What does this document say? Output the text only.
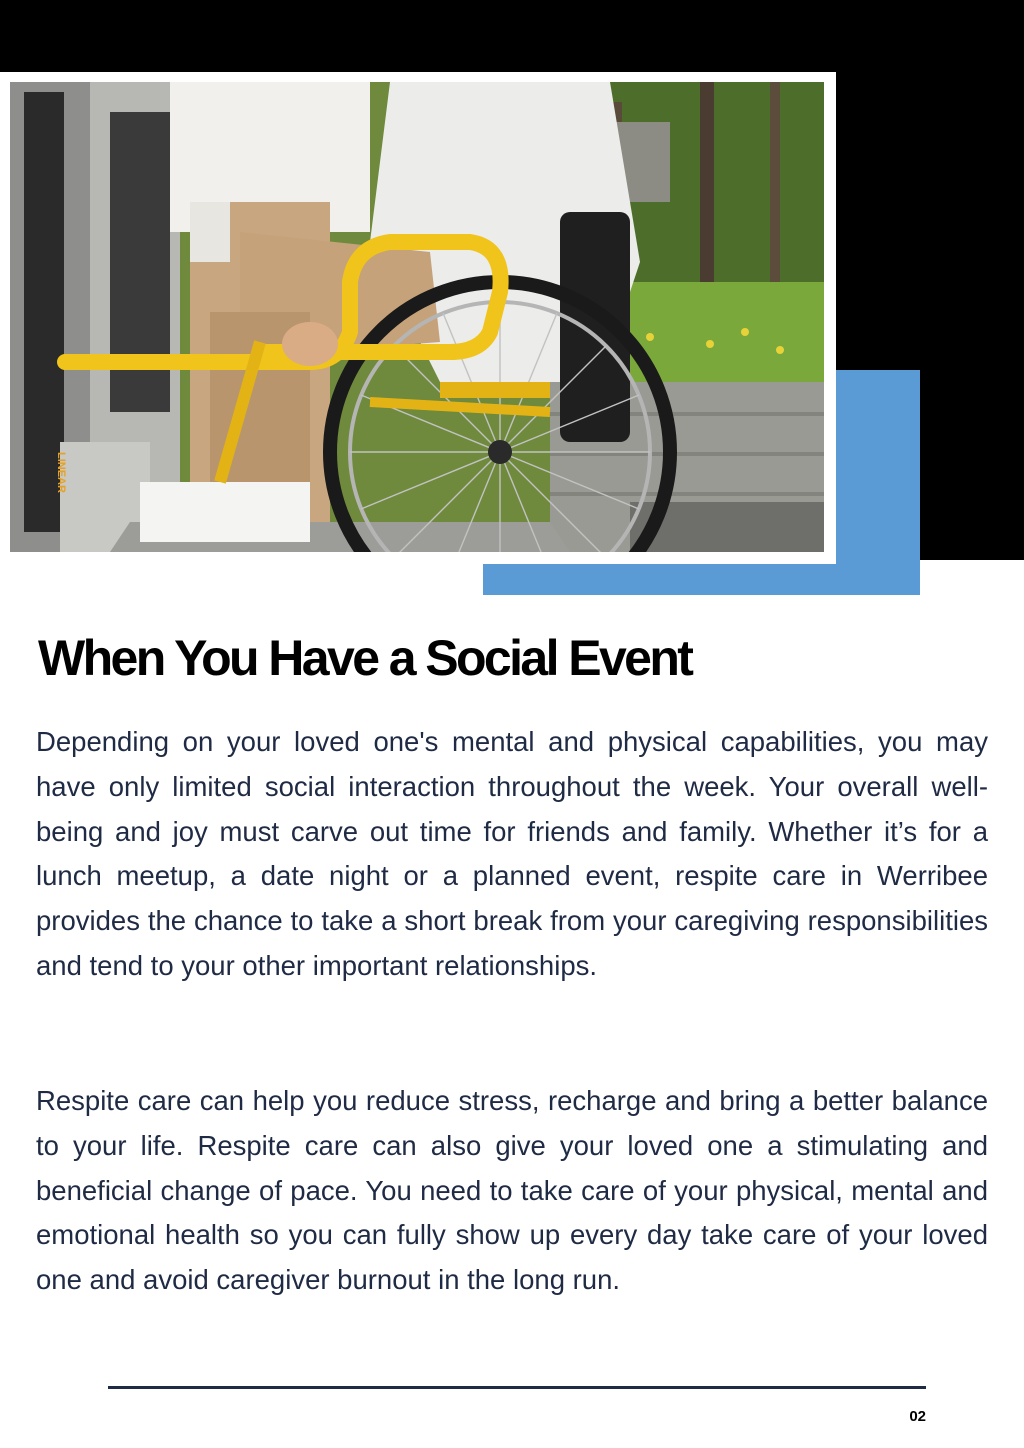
LINEAR
When You Have a Social Event

Depending on your loved one's mental and physical capabilities, you may have only limited social interaction throughout the week. Your overall well-being and joy must carve out time for friends and family. Whether it’s for a lunch meetup, a date night or a planned event, respite care in Werribee provides the chance to take a short break from your caregiving responsibilities and tend to your other important relationships.

Respite care can help you reduce stress, recharge and bring a better balance to your life. Respite care can also give your loved one a stimulating and beneficial change of pace. You need to take care of your physical, mental and emotional health so you can fully show up every day take care of your loved one and avoid caregiver burnout in the long run.

02
